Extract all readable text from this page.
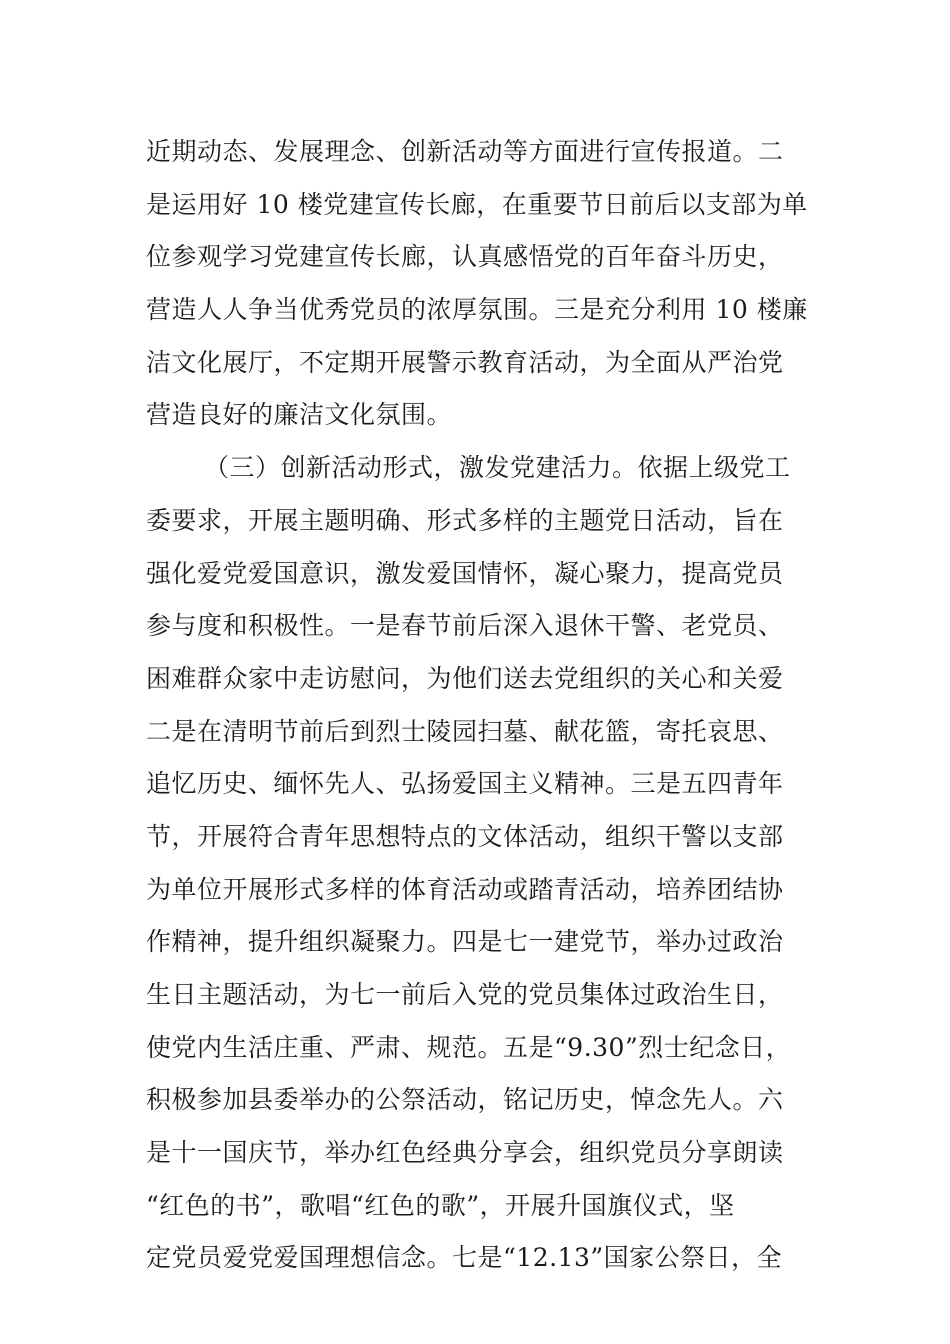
近期动态、发展理念、创新活动等方面进行宣传报道。二
是运用好 10 楼党建宣传长廊，在重要节日前后以支部为单
位参观学习党建宣传长廊，认真感悟党的百年奋斗历史，
营造人人争当优秀党员的浓厚氛围。三是充分利用 10 楼廉
洁文化展厅，不定期开展警示教育活动，为全面从严治党
营造良好的廉洁文化氛围。
（三）创新活动形式，激发党建活力。依据上级党工
委要求，开展主题明确、形式多样的主题党日活动，旨在
强化爱党爱国意识，激发爱国情怀，凝心聚力，提高党员
参与度和积极性。一是春节前后深入退休干警、老党员、
困难群众家中走访慰问，为他们送去党组织的关心和关爱
二是在清明节前后到烈士陵园扫墓、献花篮，寄托哀思、
追忆历史、缅怀先人、弘扬爱国主义精神。三是五四青年
节，开展符合青年思想特点的文体活动，组织干警以支部
为单位开展形式多样的体育活动或踏青活动，培养团结协
作精神，提升组织凝聚力。四是七一建党节，举办过政治
生日主题活动，为七一前后入党的党员集体过政治生日，
使党内生活庄重、严肃、规范。五是“9.30”烈士纪念日，
积极参加县委举办的公祭活动，铭记历史，悼念先人。六
是十一国庆节，举办红色经典分享会，组织党员分享朗读
“红色的书”，歌唱“红色的歌”，开展升国旗仪式，坚
定党员爱党爱国理想信念。七是“12.13”国家公祭日，全
